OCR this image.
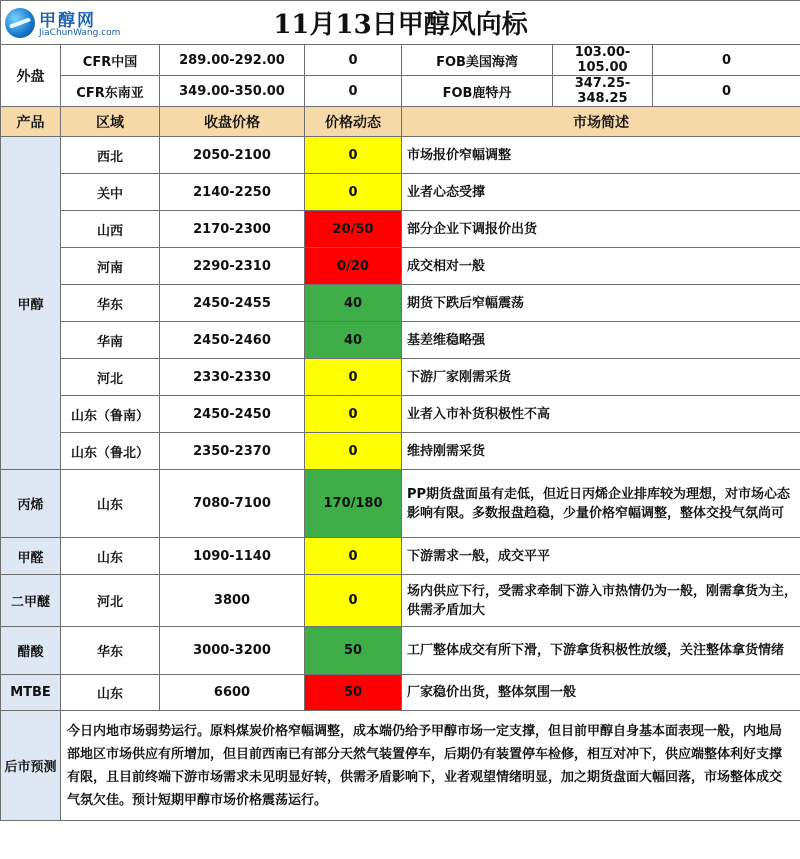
甲醇网
JiaChunWang.com 11月13日甲醇风向标						
外盘	CFR中国	289.00-292.00	0	FOB美国海湾	103.00-105.00	0
	CFR东南亚	349.00-350.00	0	FOB鹿特丹	347.25-348.25	0
产品	区域	收盘价格	价格动态	市场简述		
甲醇	西北	2050-2100	0	市场报价窄幅调整		
	关中	2140-2250	0	业者心态受撑		
	山西	2170-2300	20/50	部分企业下调报价出货		
	河南	2290-2310	0/20	成交相对一般		
	华东	2450-2455	40	期货下跌后窄幅震荡		
	华南	2450-2460	40	基差维稳略强		
	河北	2330-2330	0	下游厂家刚需采货		
	山东（鲁南）	2450-2450	0	业者入市补货积极性不高		
	山东（鲁北）	2350-2370	0	维持刚需采货		
丙烯	山东	7080-7100	170/180	PP期货盘面虽有走低，但近日丙烯企业排库较为理想，对市场心态影响有限。多数报盘趋稳，少量价格窄幅调整，整体交投气氛尚可		
甲醛	山东	1090-1140	0	下游需求一般，成交平平		
二甲醚	河北	3800	0	场内供应下行，受需求牵制下游入市热情仍为一般，刚需拿货为主，供需矛盾加大		
醋酸	华东	3000-3200	50	工厂整体成交有所下滑，下游拿货积极性放缓，关注整体拿货情绪		
MTBE	山东	6600	50	厂家稳价出货，整体氛围一般		
后市预测	今日内地市场弱势运行。原料煤炭价格窄幅调整，成本端仍给予甲醇市场一定支撑，但目前甲醇自身基本面表现一般，内地局部地区市场供应有所增加，但目前西南已有部分天然气装置停车，后期仍有装置停车检修，相互对冲下，供应端整体利好支撑有限，且目前终端下游市场需求未见明显好转，供需矛盾影响下，业者观望情绪明显，加之期货盘面大幅回落，市场整体成交气氛欠佳。预计短期甲醇市场价格震荡运行。					
